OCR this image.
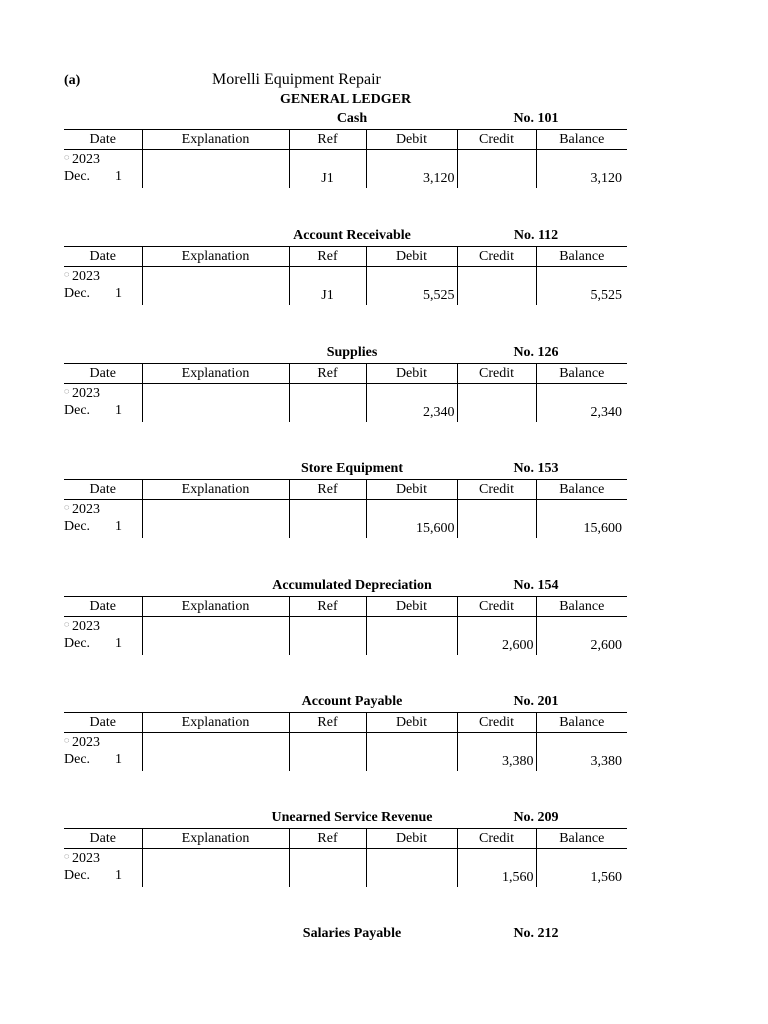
(a)	Morelli Equipment Repair
GENERAL LEDGER
Cash	No. 101
Date	Explanation	Ref	Debit	Credit	Balance
◌ 2023					

Dec. 1		J1	3,120		3,120
Account Receivable	No. 112
Date	Explanation	Ref	Debit	Credit	Balance
◌ 2023					

Dec. 1		J1	5,525		5,525
Supplies	No. 126
Date	Explanation	Ref	Debit	Credit	Balance
◌ 2023					

Dec. 1			2,340		2,340
Store Equipment	No. 153
Date	Explanation	Ref	Debit	Credit	Balance
◌ 2023					

Dec. 1			15,600		15,600
Accumulated Depreciation	No. 154
Date	Explanation	Ref	Debit	Credit	Balance
◌ 2023					

Dec. 1				2,600	2,600
Account Payable	No. 201
Date	Explanation	Ref	Debit	Credit	Balance
◌ 2023					

Dec. 1				3,380	3,380
Unearned Service Revenue	No. 209
Date	Explanation	Ref	Debit	Credit	Balance
◌ 2023					

Dec. 1				1,560	1,560
Salaries Payable	No. 212
